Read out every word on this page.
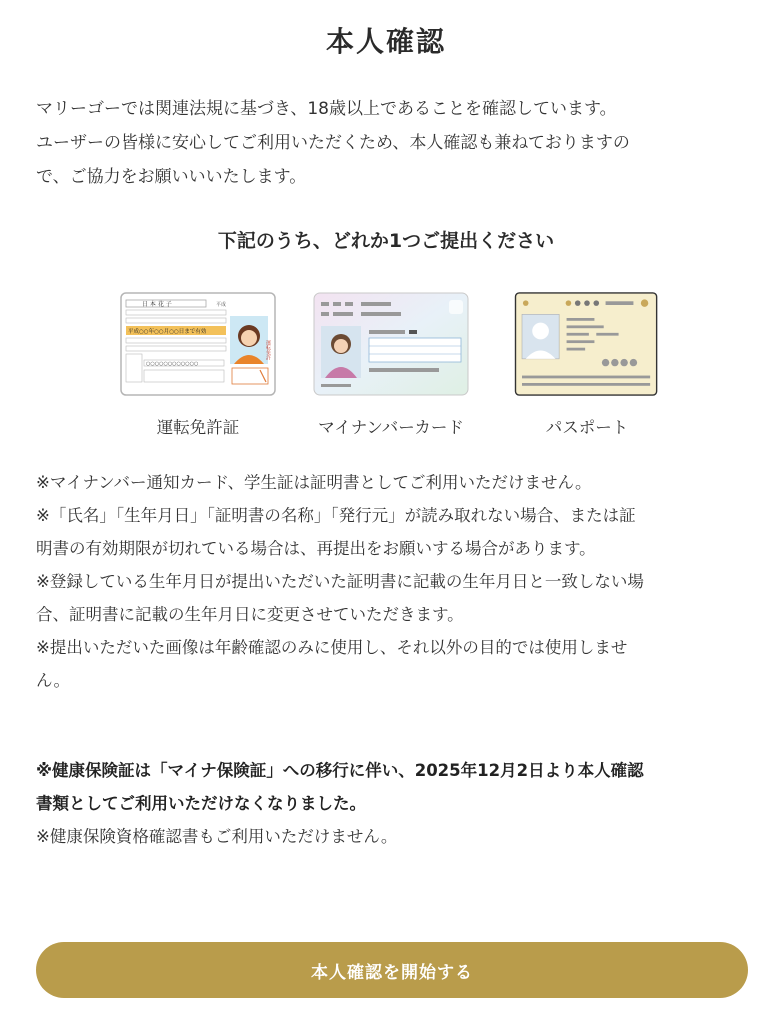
本人確認

マリーゴーでは関連法規に基づき、18歳以上であることを確認しています。

ユーザーの皆様に安心してご利用いただくため、本人確認も兼ねておりますの

で、ご協力をお願いいいたします。

下記のうち、どれか1つご提出ください
日 本 花 子	平成
平成○○年○○月○○日まで有効
○○○○○○○○○○○○
運転免許
運転免許証	マイナンバーカード	パスポート

※マイナンバー通知カード、学生証は証明書としてご利用いただけません。

※「氏名」「生年月日」「証明書の名称」「発行元」が読み取れない場合、または証

明書の有効期限が切れている場合は、再提出をお願いする場合があります。

※登録している生年月日が提出いただいた証明書に記載の生年月日と一致しない場

合、証明書に記載の生年月日に変更させていただきます。

※提出いただいた画像は年齢確認のみに使用し、それ以外の目的では使用しませ

ん。

※健康保険証は「マイナ保険証」への移行に伴い、2025年12月2日より本人確認
書類としてご利用いただけなくなりました。
※健康保険資格確認書もご利用いただけません。
本人確認を開始する
